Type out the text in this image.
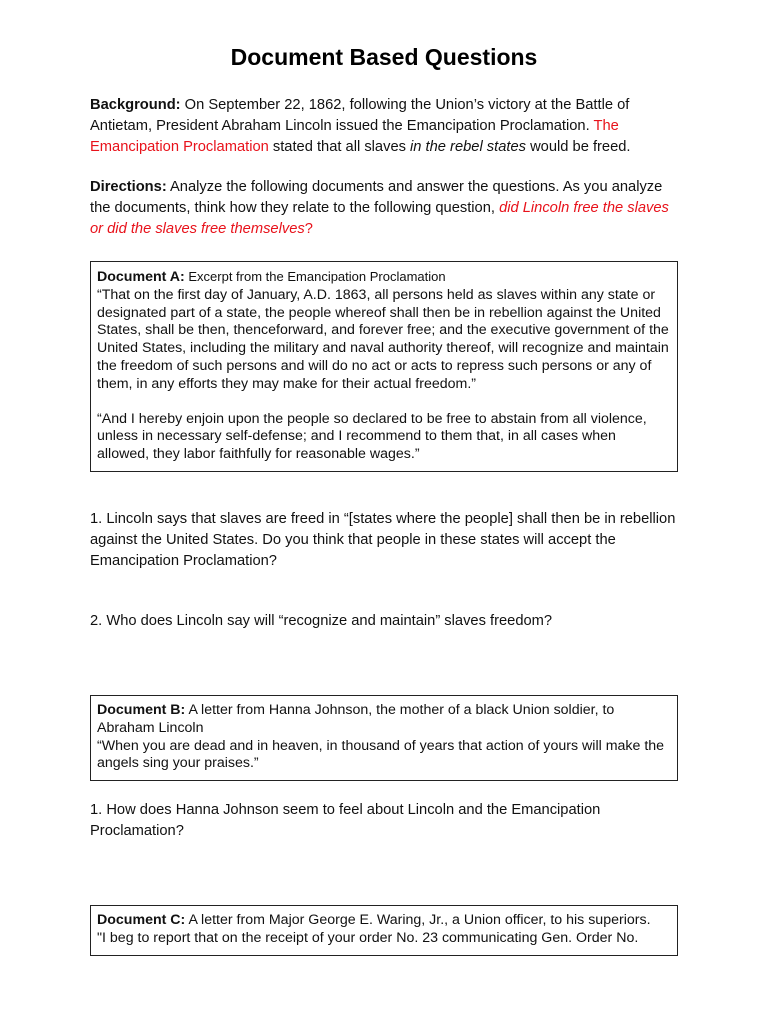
Document Based Questions

Background: On September 22, 1862, following the Union’s victory at the Battle of Antietam, President Abraham Lincoln issued the Emancipation Proclamation. The Emancipation Proclamation stated that all slaves in the rebel states would be freed.

Directions: Analyze the following documents and answer the questions. As you analyze the documents, think how they relate to the following question, did Lincoln free the slaves or did the slaves free themselves?

Document A: Excerpt from the Emancipation Proclamation

“That on the first day of January, A.D. 1863, all persons held as slaves within any state or designated part of a state, the people whereof shall then be in rebellion against the United States, shall be then, thenceforward, and forever free; and the executive government of the United States, including the military and naval authority thereof, will recognize and maintain the freedom of such persons and will do no act or acts to repress such persons or any of them, in any efforts they may make for their actual freedom.”

“And I hereby enjoin upon the people so declared to be free to abstain from all violence, unless in necessary self-defense; and I recommend to them that, in all cases when allowed, they labor faithfully for reasonable wages.”

1. Lincoln says that slaves are freed in “[states where the people] shall then be in rebellion against the United States. Do you think that people in these states will accept the Emancipation Proclamation?

2. Who does Lincoln say will “recognize and maintain” slaves freedom?

Document B: A letter from Hanna Johnson, the mother of a black Union soldier, to Abraham Lincoln

“When you are dead and in heaven, in thousand of years that action of yours will make the angels sing your praises.”

1. How does Hanna Johnson seem to feel about Lincoln and the Emancipation Proclamation?

Document C: A letter from Major George E. Waring, Jr., a Union officer, to his superiors.

"I beg to report that on the receipt of your order No. 23 communicating Gen. Order No.
